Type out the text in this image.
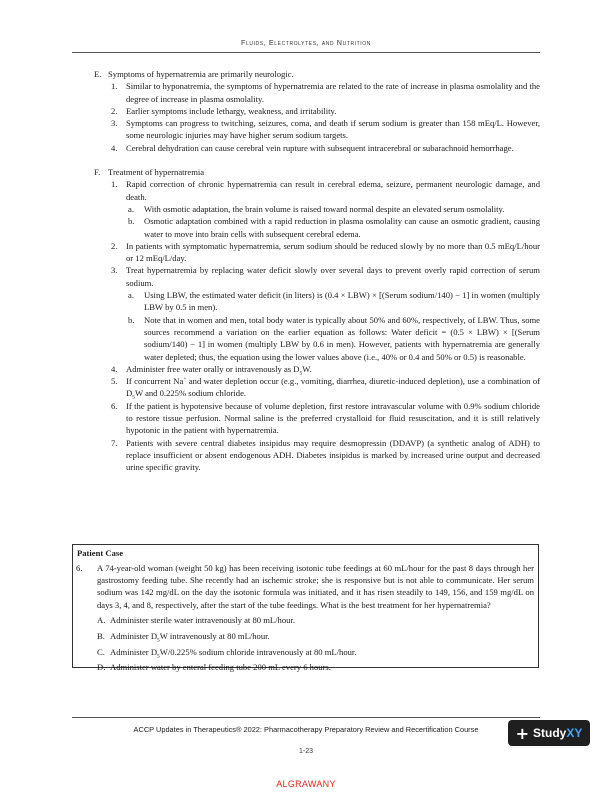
Fluids, Electrolytes, and Nutrition
E. Symptoms of hypernatremia are primarily neurologic.
1. Similar to hyponatremia, the symptoms of hypernatremia are related to the rate of increase in plasma osmolality and the degree of increase in plasma osmolality.
2. Earlier symptoms include lethargy, weakness, and irritability.
3. Symptoms can progress to twitching, seizures, coma, and death if serum sodium is greater than 158 mEq/L. However, some neurologic injuries may have higher serum sodium targets.
4. Cerebral dehydration can cause cerebral vein rupture with subsequent intracerebral or subarachnoid hemorrhage.
F. Treatment of hypernatremia
1. Rapid correction of chronic hypernatremia can result in cerebral edema, seizure, permanent neurologic damage, and death.
a. With osmotic adaptation, the brain volume is raised toward normal despite an elevated serum osmolality.
b. Osmotic adaptation combined with a rapid reduction in plasma osmolality can cause an osmotic gradient, causing water to move into brain cells with subsequent cerebral edema.
2. In patients with symptomatic hypernatremia, serum sodium should be reduced slowly by no more than 0.5 mEq/L/hour or 12 mEq/L/day.
3. Treat hypernatremia by replacing water deficit slowly over several days to prevent overly rapid correction of serum sodium.
a. Using LBW, the estimated water deficit (in liters) is (0.4 × LBW) × [(Serum sodium/140) − 1] in women (multiply LBW by 0.5 in men).
b. Note that in women and men, total body water is typically about 50% and 60%, respectively, of LBW. Thus, some sources recommend a variation on the earlier equation as follows: Water deficit = (0.5 × LBW) × [(Serum sodium/140) − 1] in women (multiply LBW by 0.6 in men). However, patients with hypernatremia are generally water depleted; thus, the equation using the lower values above (i.e., 40% or 0.4 and 50% or 0.5) is reasonable.
4. Administer free water orally or intravenously as $D_5W$.
5. If concurrent Na+ and water depletion occur (e.g., vomiting, diarrhea, diuretic-induced depletion), use a combination of $D_5W$ and 0.225% sodium chloride.
6. If the patient is hypotensive because of volume depletion, first restore intravascular volume with 0.9% sodium chloride to restore tissue perfusion. Normal saline is the preferred crystalloid for fluid resuscitation, and it is still relatively hypotonic in the patient with hypernatremia.
7. Patients with severe central diabetes insipidus may require desmopressin (DDAVP) (a synthetic analog of ADH) to replace insufficient or absent endogenous ADH. Diabetes insipidus is marked by increased urine output and decreased urine specific gravity.
Patient Case
6. A 74-year-old woman (weight 50 kg) has been receiving isotonic tube feedings at 60 mL/hour for the past 8 days through her gastrostomy feeding tube. She recently had an ischemic stroke; she is responsive but is not able to communicate. Her serum sodium was 142 mg/dL on the day the isotonic formula was initiated, and it has risen steadily to 149, 156, and 159 mg/dL on days 3, 4, and 8, respectively, after the start of the tube feedings. What is the best treatment for her hypernatremia?
A. Administer sterile water intravenously at 80 mL/hour.
B. Administer $D_5W$ intravenously at 80 mL/hour.
C. Administer $D_5W/0.225\%$ sodium chloride intravenously at 80 mL/hour.
D. Administer water by enteral feeding tube 200 mL every 6 hours.
ACCP Updates in Therapeutics® 2022: Pharmacotherapy Preparatory Review and Recertification Course
1-23
+ StudyXY
ALGRAWANY
